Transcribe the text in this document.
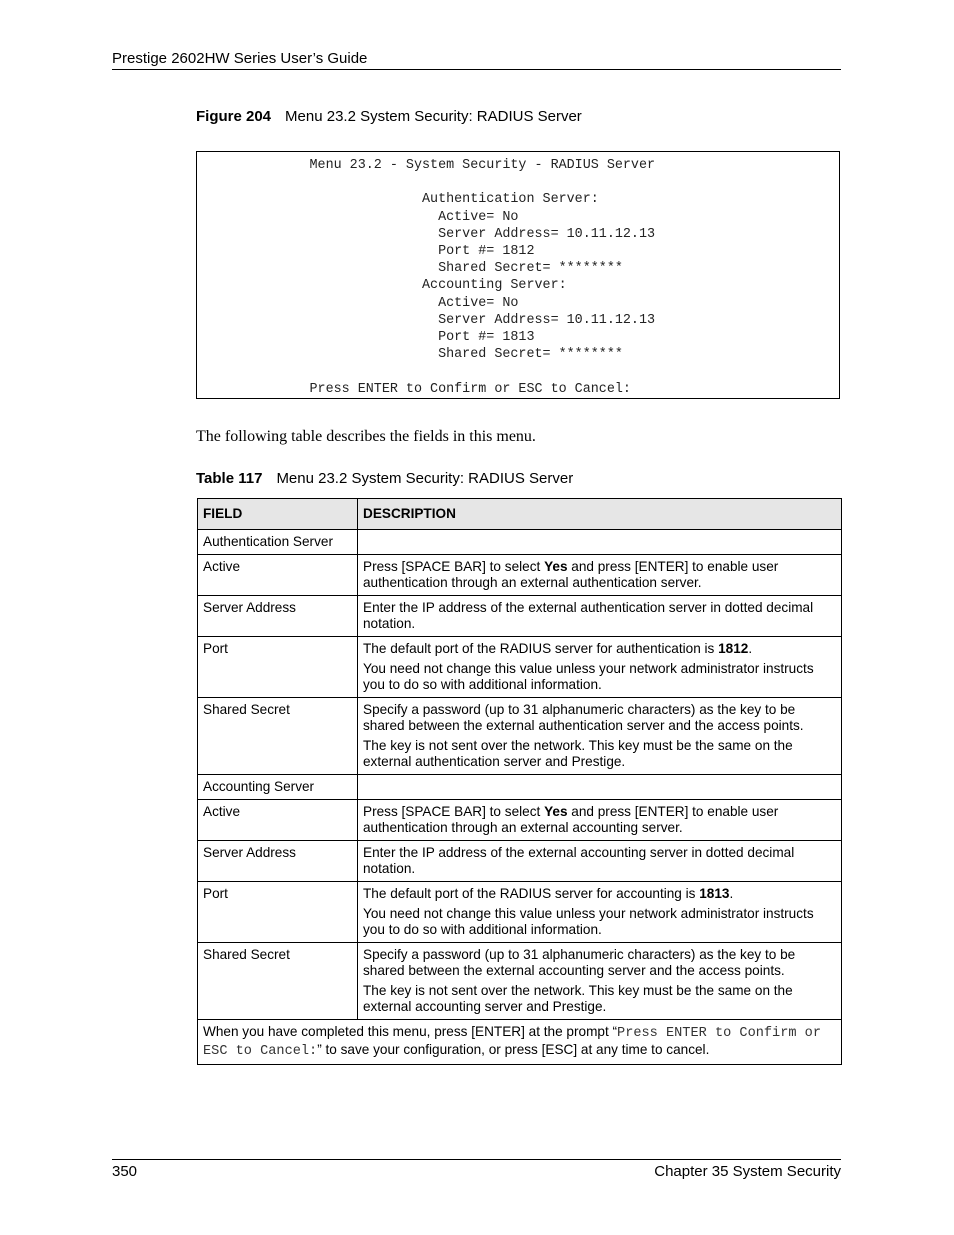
Prestige 2602HW Series User’s Guide
Figure 204 Menu 23.2 System Security: RADIUS Server
Menu 23.2 - System Security - RADIUS Server

Authentication Server:
Active= No
Server Address= 10.11.12.13
Port #= 1812
Shared Secret= ********
Accounting Server:
Active= No
Server Address= 10.11.12.13
Port #= 1813
Shared Secret= ********

Press ENTER to Confirm or ESC to Cancel:
The following table describes the fields in this menu.
Table 117 Menu 23.2 System Security: RADIUS Server
FIELD	DESCRIPTION
Authentication Server	
Active	Press [SPACE BAR] to select Yes and press [ENTER] to enable user authentication through an external authentication server.

Server Address	Enter the IP address of the external authentication server in dotted decimal notation.

Port	The default port of the RADIUS server for authentication is 1812.

You need not change this value unless your network administrator instructs you to do so with additional information.

Shared Secret	Specify a password (up to 31 alphanumeric characters) as the key to be shared between the external authentication server and the access points.

The key is not sent over the network. This key must be the same on the external authentication server and Prestige.

Accounting Server	
Active	Press [SPACE BAR] to select Yes and press [ENTER] to enable user authentication through an external accounting server.

Server Address	Enter the IP address of the external accounting server in dotted decimal notation.

Port	The default port of the RADIUS server for accounting is 1813.

You need not change this value unless your network administrator instructs you to do so with additional information.

Shared Secret	Specify a password (up to 31 alphanumeric characters) as the key to be shared between the external accounting server and the access points.

The key is not sent over the network. This key must be the same on the external accounting server and Prestige.

When you have completed this menu, press [ENTER] at the prompt “Press ENTER to Confirm or ESC to Cancel:” to save your configuration, or press [ESC] at any time to cancel.	
350	Chapter 35 System Security
